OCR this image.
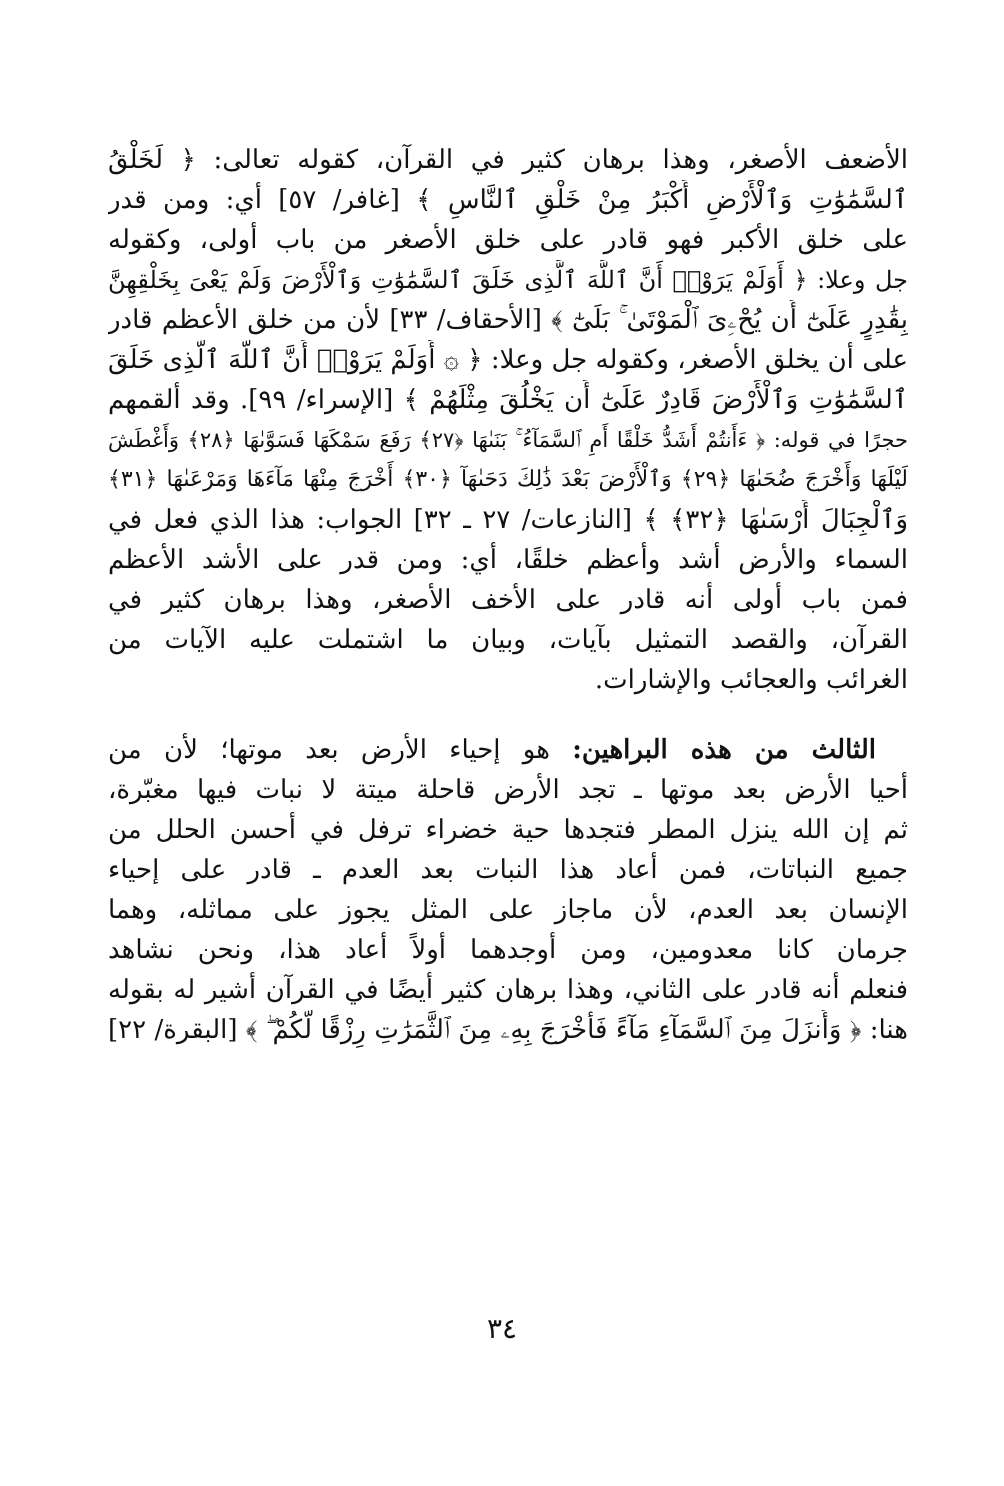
الأضعف الأصغر، وهذا برهان كثير في القرآن، كقوله تعالى: ﴿ لَخَلْقُ
ٱلسَّمَٰوَٰتِ وَٱلْأَرْضِ أَكْبَرُ مِنْ خَلْقِ ٱلنَّاسِ ﴾ [غافر/ ٥٧] أي: ومن قدر
على خلق الأكبر فهو قادر على خلق الأصغر من باب أولى، وكقوله
جل وعلا: ﴿ أَوَلَمْ يَرَوْا۟ أَنَّ ٱللَّهَ ٱلَّذِى خَلَقَ ٱلسَّمَٰوَٰتِ وَٱلْأَرْضَ وَلَمْ يَعْىَ بِخَلْقِهِنَّ
بِقَٰدِرٍ عَلَىٰٓ أَن يُحْۦِىَ ٱلْمَوْتَىٰ ۚ بَلَىٰٓ ﴾ [الأحقاف/ ٣٣] لأن من خلق الأعظم قادر
على أن يخلق الأصغر، وكقوله جل وعلا: ﴿ ۞ أَوَلَمْ يَرَوْا۟ أَنَّ ٱللَّهَ ٱلَّذِى خَلَقَ
ٱلسَّمَٰوَٰتِ وَٱلْأَرْضَ قَادِرٌ عَلَىٰٓ أَن يَخْلُقَ مِثْلَهُمْ ﴾ [الإسراء/ ٩٩]. وقد ألقمهم
حجرًا في قوله: ﴿ ءَأَنتُمْ أَشَدُّ خَلْقًا أَمِ ٱلسَّمَآءُ ۚ بَنَىٰهَا ﴿٢٧﴾ رَفَعَ سَمْكَهَا فَسَوَّىٰهَا ﴿٢٨﴾ وَأَغْطَشَ
لَيْلَهَا وَأَخْرَجَ ضُحَىٰهَا ﴿٢٩﴾ وَٱلْأَرْضَ بَعْدَ ذَٰلِكَ دَحَىٰهَآ ﴿٣٠﴾ أَخْرَجَ مِنْهَا مَآءَهَا وَمَرْعَىٰهَا ﴿٣١﴾
وَٱلْجِبَالَ أَرْسَىٰهَا ﴿٣٢﴾ ﴾ [النازعات/ ٢٧ ـ ٣٢] الجواب: هذا الذي فعل في
السماء والأرض أشد وأعظم خلقًا، أي: ومن قدر على الأشد الأعظم
فمن باب أولى أنه قادر على الأخف الأصغر، وهذا برهان كثير في
القرآن، والقصد التمثيل بآيات، وبيان ما اشتملت عليه الآيات من
الغرائب والعجائب والإشارات.
الثالث من هذه البراهين: هو إحياء الأرض بعد موتها؛ لأن من
أحيا الأرض بعد موتها ـ تجد الأرض قاحلة ميتة لا نبات فيها مغبّرة،
ثم إن الله ينزل المطر فتجدها حية خضراء ترفل في أحسن الحلل من
جميع النباتات، فمن أعاد هذا النبات بعد العدم ـ قادر على إحياء
الإنسان بعد العدم، لأن ماجاز على المثل يجوز على مماثله، وهما
جرمان كانا معدومين، ومن أوجدهما أولاً أعاد هذا، ونحن نشاهد
فنعلم أنه قادر على الثاني، وهذا برهان كثير أيضًا في القرآن أشير له بقوله
هنا: ﴿ وَأَنزَلَ مِنَ ٱلسَّمَآءِ مَآءً فَأَخْرَجَ بِهِۦ مِنَ ٱلثَّمَرَٰتِ رِزْقًا لَّكُمْ ۖ ﴾ [البقرة/ ٢٢]
٣٤
